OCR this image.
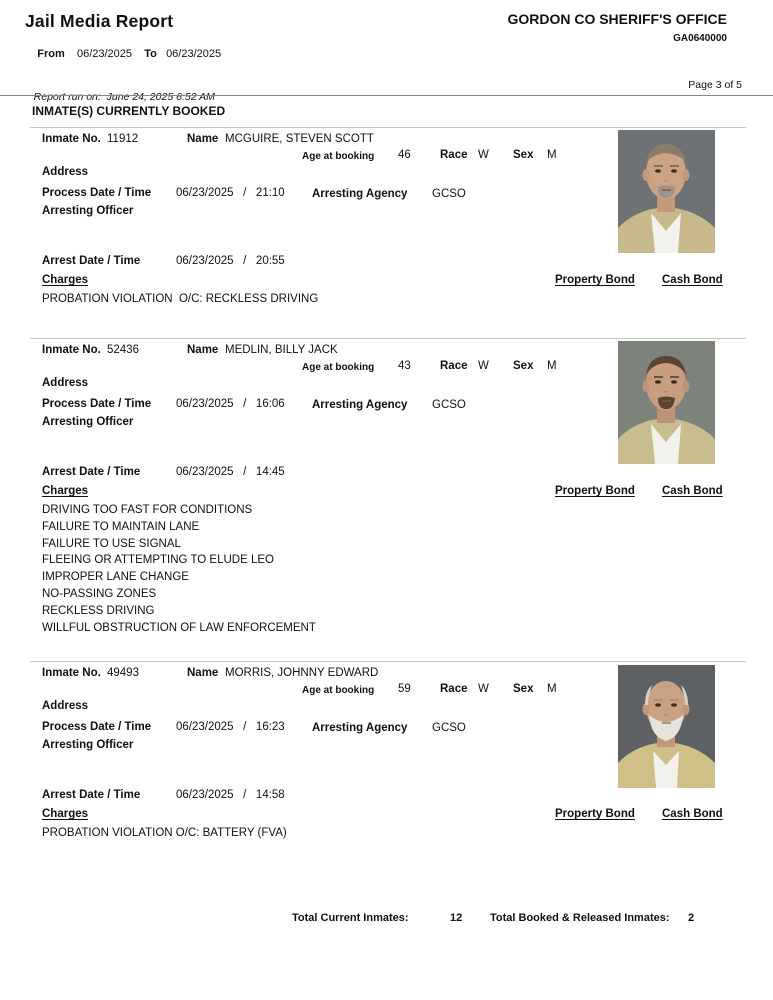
Jail Media Report

From 06/23/2025 To 06/23/2025

GORDON CO SHERIFF'S OFFICE
GA0640000

Report run on: June 24, 2025 6:52 AM

Page 3 of 5
INMATE(S) CURRENTLY BOOKED
Inmate No. 11912	Name MCGUIRE, STEVEN SCOTT
Age at booking 46	Race W Sex M
Address
Process Date / Time 06/23/2025   /   21:10 Arresting Agency GCSO
Arresting Officer
Arrest Date / Time	06/23/2025   /   20:55
Charges	Property Bond Cash Bond
PROBATION VIOLATION  O/C: RECKLESS DRIVING
Inmate No. 52436	Name MEDLIN, BILLY JACK
Age at booking 43	Race W Sex M
Address
Process Date / Time 06/23/2025   /   16:06 Arresting Agency GCSO
Arresting Officer
Arrest Date / Time	06/23/2025   /   14:45
Charges	Property Bond Cash Bond
DRIVING TOO FAST FOR CONDITIONS
FAILURE TO MAINTAIN LANE
FAILURE TO USE SIGNAL
FLEEING OR ATTEMPTING TO ELUDE LEO
IMPROPER LANE CHANGE
NO-PASSING ZONES
RECKLESS DRIVING
WILLFUL OBSTRUCTION OF LAW ENFORCEMENT
Inmate No. 49493	Name MORRIS, JOHNNY EDWARD
Age at booking 59	Race W Sex M
Address
Process Date / Time 06/23/2025   /   16:23 Arresting Agency GCSO
Arresting Officer
Arrest Date / Time	06/23/2025   /   14:58
Charges	Property Bond Cash Bond
PROBATION VIOLATION O/C: BATTERY (FVA)
Total Current Inmates:	12	Total Booked & Released Inmates: 2
